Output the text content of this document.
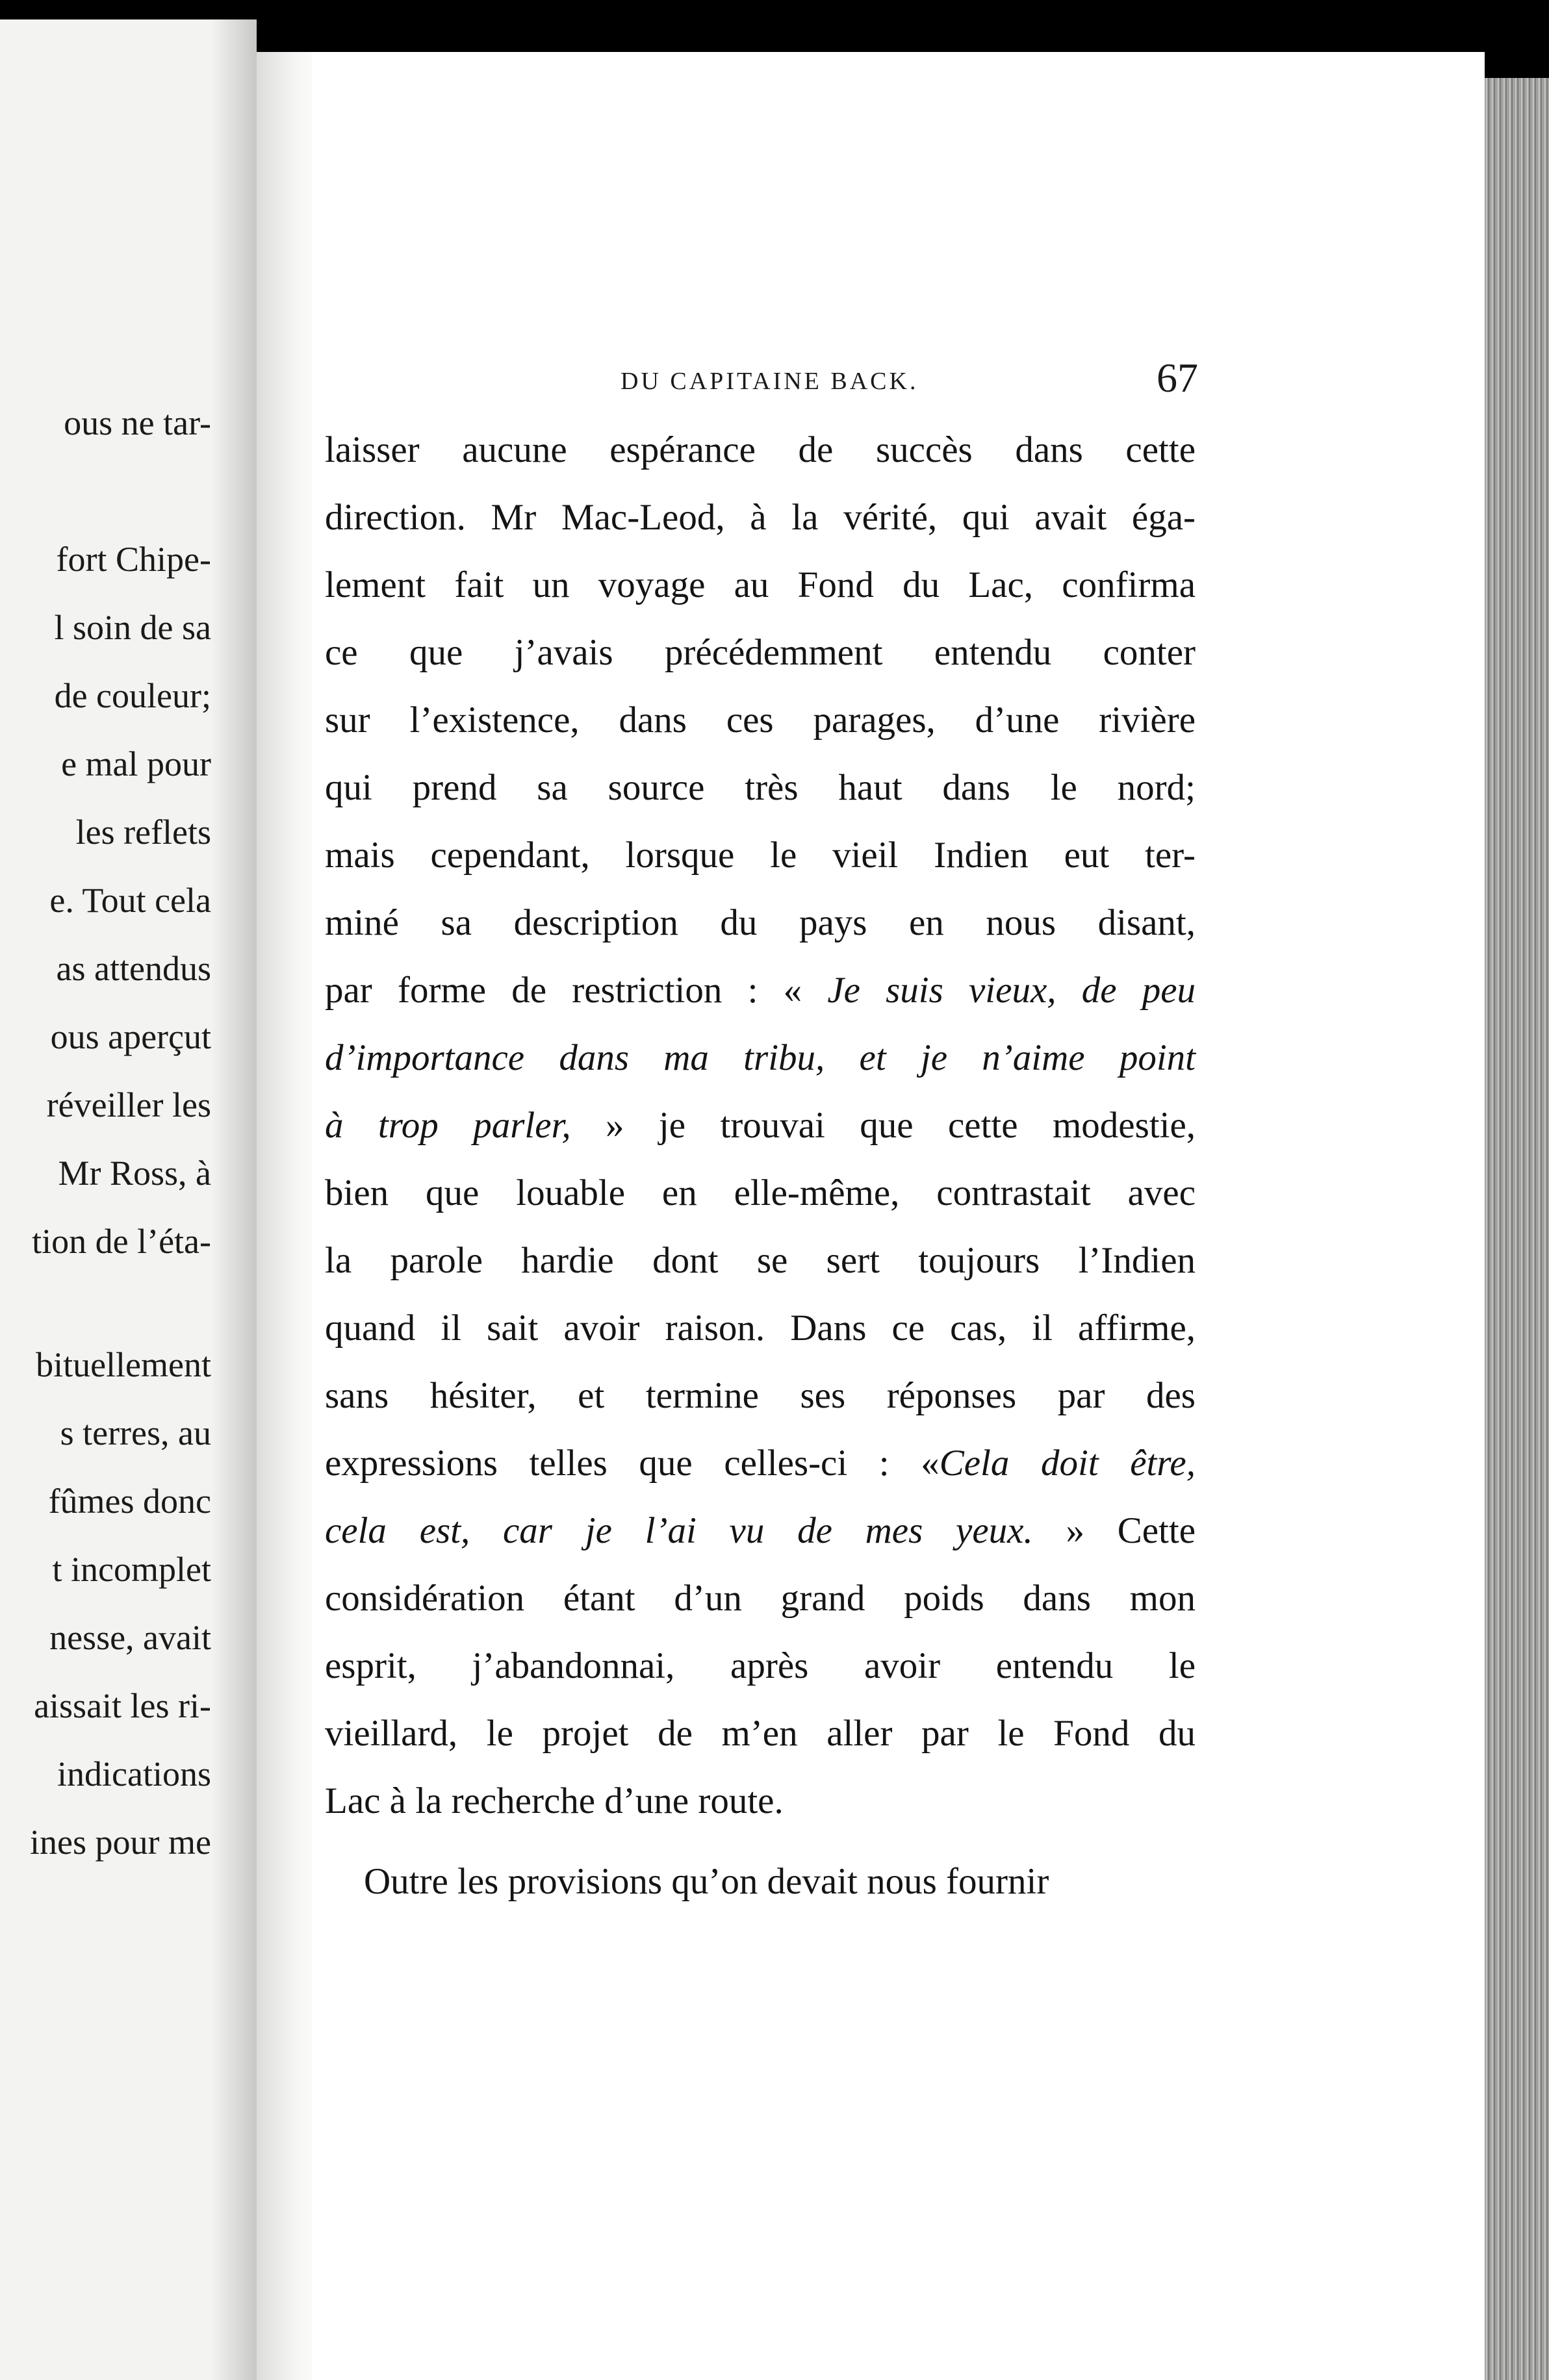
ous ne tar-
fort Chipe-
l soin de sa
de couleur;
e mal pour
les reflets
e. Tout cela
as attendus
ous aperçut
réveiller les
Mr Ross, à
tion de l’éta-
bituellement
s terres, au
fûmes donc
t incomplet
nesse, avait
aissait les ri-
indications
ines pour me
DU CAPITAINE BACK.	67
laisser aucune espérance de succès dans cette
direction. Mr Mac-Leod, à la vérité, qui avait éga-
lement fait un voyage au Fond du Lac, confirma
ce que j’avais précédemment entendu conter
sur l’existence, dans ces parages, d’une rivière
qui prend sa source très haut dans le nord;
mais cependant, lorsque le vieil Indien eut ter-
miné sa description du pays en nous disant,
par forme de restriction : « Je suis vieux, de peu
d’importance dans ma tribu, et je n’aime point
à trop parler, » je trouvai que cette modestie,
bien que louable en elle-même, contrastait avec
la parole hardie dont se sert toujours l’Indien
quand il sait avoir raison. Dans ce cas, il affirme,
sans hésiter, et termine ses réponses par des
expressions telles que celles-ci : «Cela doit être,
cela est, car je l’ai vu de mes yeux. » Cette
considération étant d’un grand poids dans mon
esprit, j’abandonnai, après avoir entendu le
vieillard, le projet de m’en aller par le Fond du
Lac à la recherche d’une route.
Outre les provisions qu’on devait nous fournir
